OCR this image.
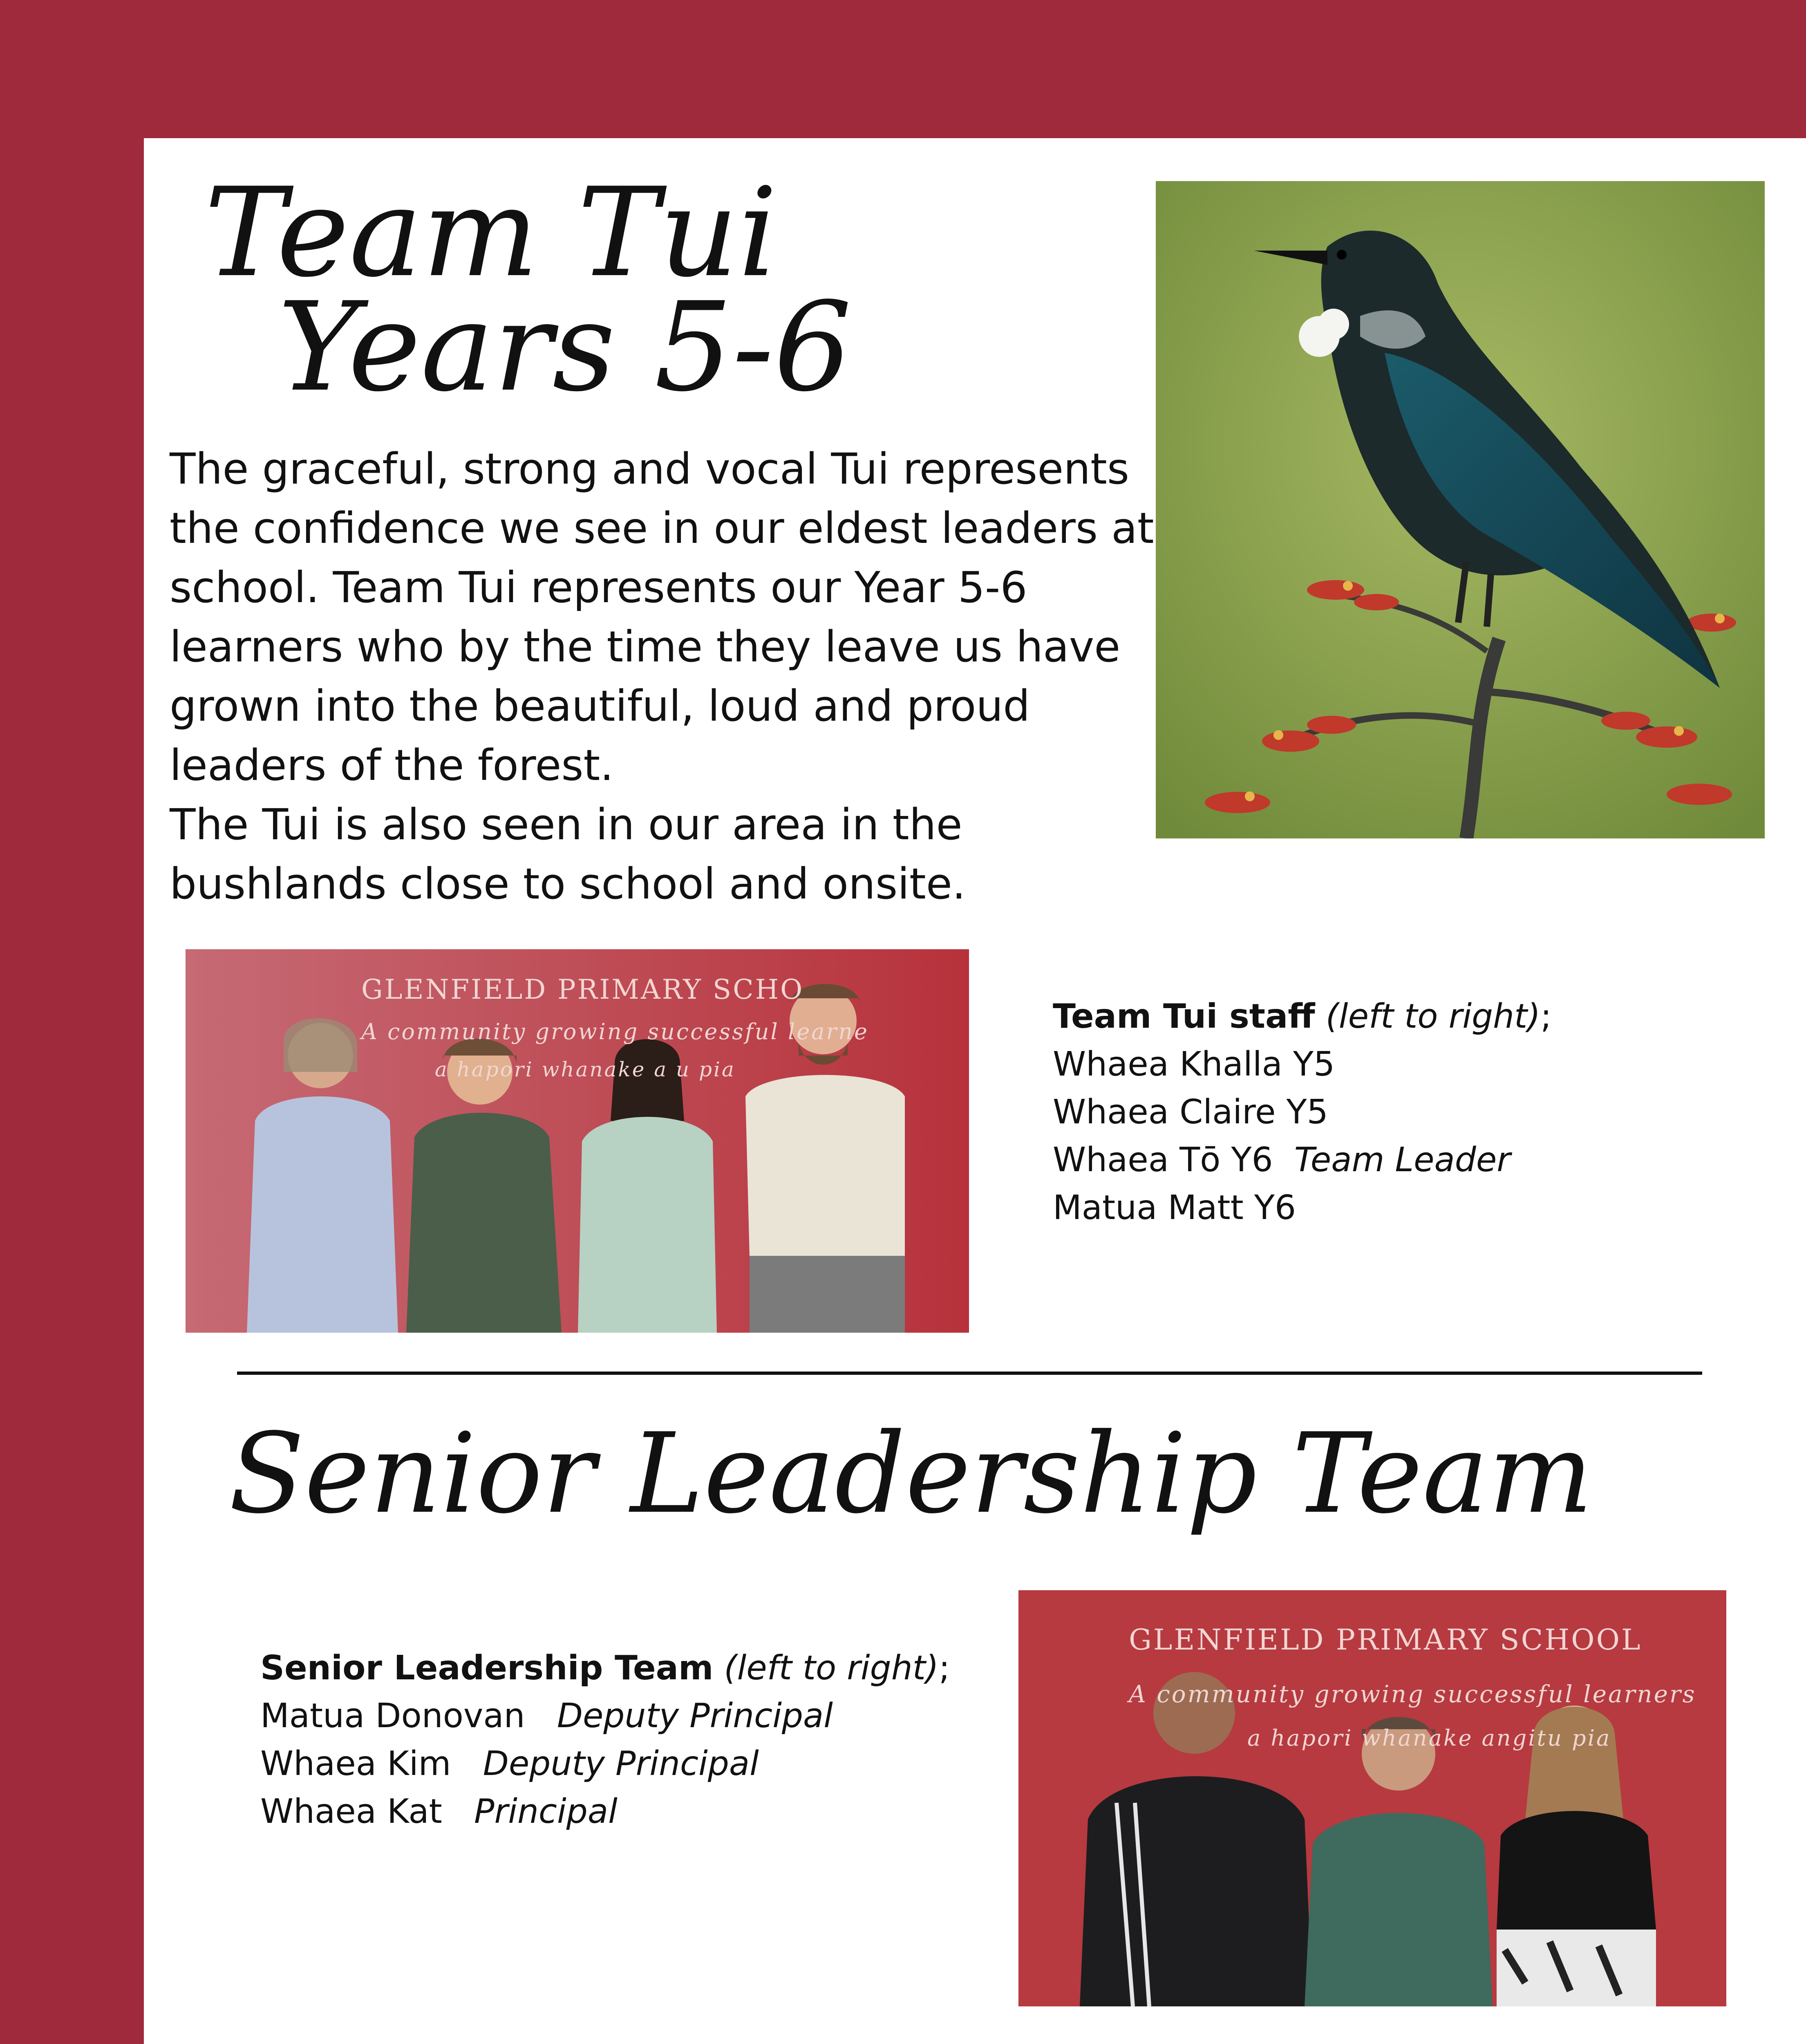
Team Tui
Years 5-6
The graceful, strong and vocal Tui represents
the confidence we see in our eldest leaders at
school. Team Tui represents our Year 5-6
learners who by the time they leave us have
grown into the beautiful, loud and proud
leaders of the forest.
The Tui is also seen in our area in the
bushlands close to school and onsite.
GLENFIELD PRIMARY SCHO
A community growing successful learne
a hapori whanake a u pia
Team Tui staff (left to right);
Whaea Khalla Y5
Whaea Claire Y5
Whaea Tō Y6 Team Leader
Matua Matt Y6
Senior Leadership Team
Senior Leadership Team (left to right);
Matua Donovan Deputy Principal
Whaea Kim Deputy Principal
Whaea Kat Principal
GLENFIELD PRIMARY SCHOOL
A community growing successful learners
a hapori whanake angitu pia
